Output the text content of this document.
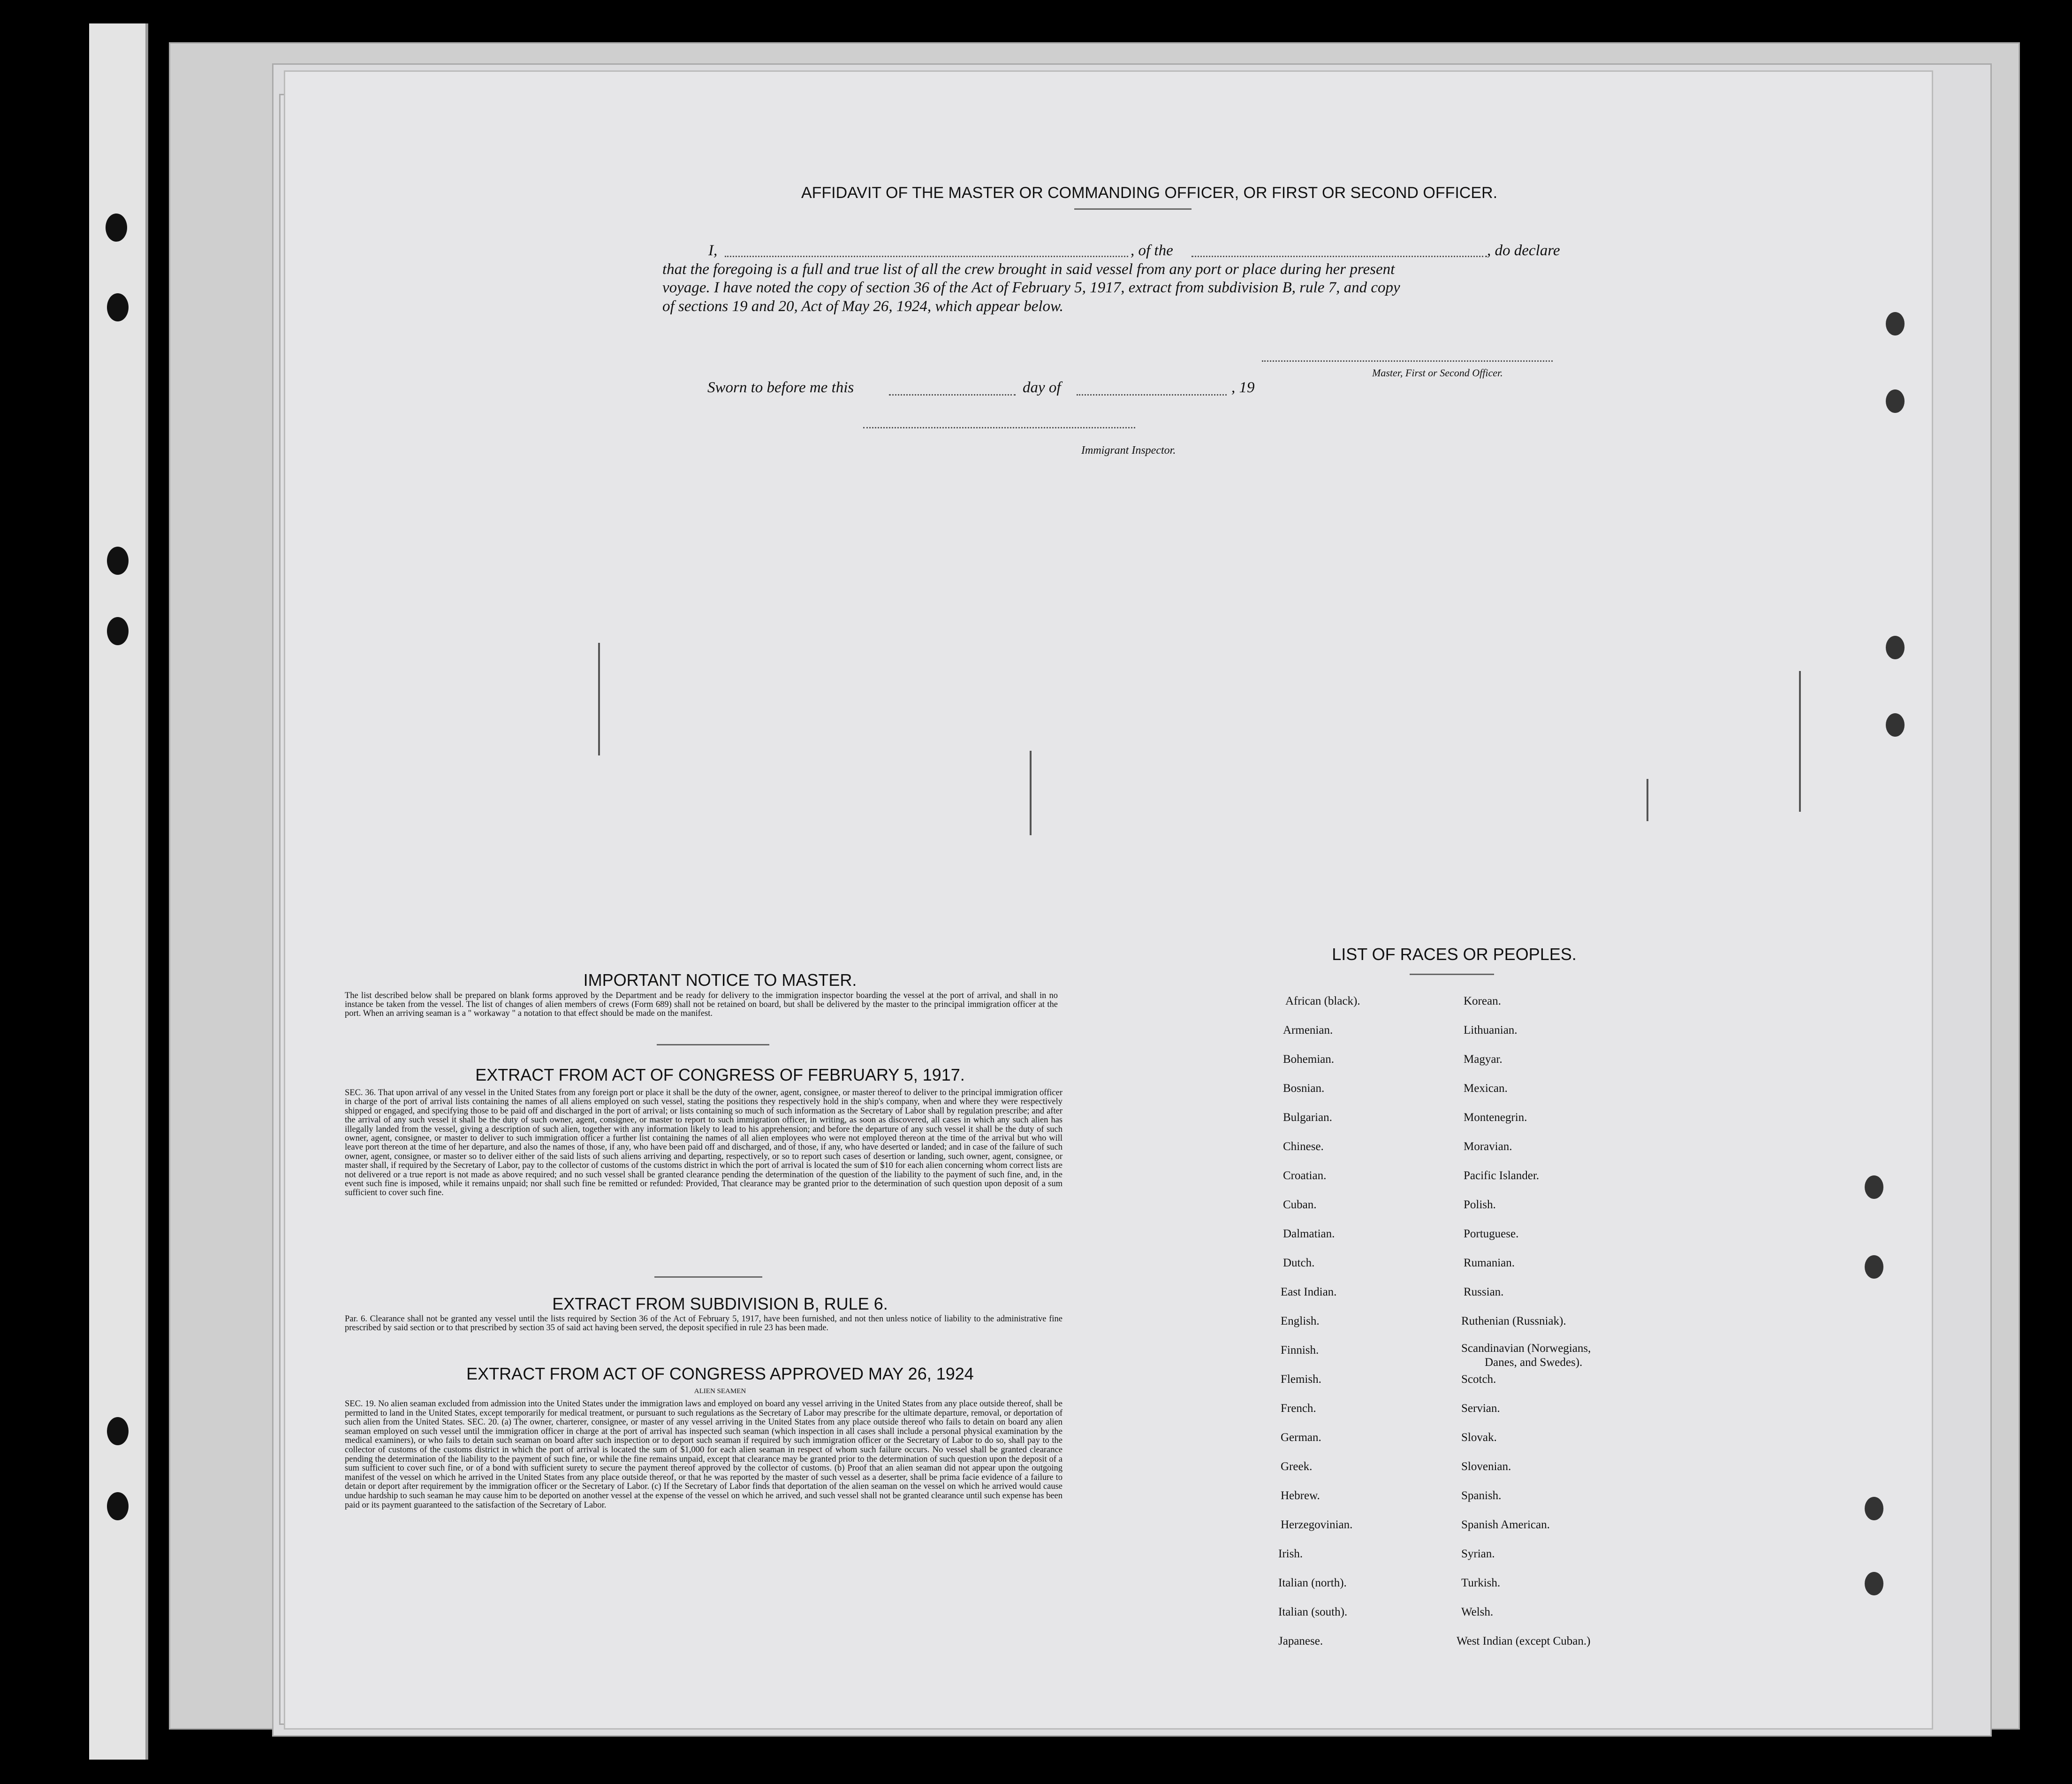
AFFIDAVIT OF THE MASTER OR COMMANDING OFFICER, OR FIRST OR SECOND OFFICER.
I,	, of the	, do declare
that the foregoing is a full and true list of all the crew brought in said vessel from any port or place during her present
voyage. I have noted the copy of section 36 of the Act of February 5, 1917, extract from subdivision B, rule 7, and copy
of sections 19 and 20, Act of May 26, 1924, which appear below.
Master, First or Second Officer.
Sworn to before me this	day of	, 19
Immigrant Inspector.
IMPORTANT NOTICE TO MASTER.
The list described below shall be prepared on blank forms approved by the Department and be ready for delivery to the immigration inspector boarding the vessel at the port of arrival, and shall in no instance be taken from the vessel. The list of changes of alien members of crews (Form 689) shall not be retained on board, but shall be delivered by the master to the principal immigration officer at the port. When an arriving seaman is a " workaway " a notation to that effect should be made on the manifest.
EXTRACT FROM ACT OF CONGRESS OF FEBRUARY 5, 1917.
SEC. 36. That upon arrival of any vessel in the United States from any foreign port or place it shall be the duty of the owner, agent, consignee, or master thereof to deliver to the principal immigration officer in charge of the port of arrival lists containing the names of all aliens employed on such vessel, stating the positions they respectively hold in the ship's company, when and where they were respectively shipped or engaged, and specifying those to be paid off and discharged in the port of arrival; or lists containing so much of such information as the Secretary of Labor shall by regulation prescribe; and after the arrival of any such vessel it shall be the duty of such owner, agent, consignee, or master to report to such immigration officer, in writing, as soon as discovered, all cases in which any such alien has illegally landed from the vessel, giving a description of such alien, together with any information likely to lead to his apprehension; and before the departure of any such vessel it shall be the duty of such owner, agent, consignee, or master to deliver to such immigration officer a further list containing the names of all alien employees who were not employed thereon at the time of the arrival but who will leave port thereon at the time of her departure, and also the names of those, if any, who have been paid off and discharged, and of those, if any, who have deserted or landed; and in case of the failure of such owner, agent, consignee, or master so to deliver either of the said lists of such aliens arriving and departing, respectively, or so to report such cases of desertion or landing, such owner, agent, consignee, or master shall, if required by the Secretary of Labor, pay to the collector of customs of the customs district in which the port of arrival is located the sum of $10 for each alien concerning whom correct lists are not delivered or a true report is not made as above required; and no such vessel shall be granted clearance pending the determination of the question of the liability to the payment of such fine, and, in the event such fine is imposed, while it remains unpaid; nor shall such fine be remitted or refunded: Provided, That clearance may be granted prior to the determination of such question upon deposit of a sum sufficient to cover such fine.
EXTRACT FROM SUBDIVISION B, RULE 6.
Par. 6. Clearance shall not be granted any vessel until the lists required by Section 36 of the Act of February 5, 1917, have been furnished, and not then unless notice of liability to the administrative fine prescribed by said section or to that prescribed by section 35 of said act having been served, the deposit specified in rule 23 has been made.
EXTRACT FROM ACT OF CONGRESS APPROVED MAY 26, 1924
ALIEN SEAMEN
SEC. 19. No alien seaman excluded from admission into the United States under the immigration laws and employed on board any vessel arriving in the United States from any place outside thereof, shall be permitted to land in the United States, except temporarily for medical treatment, or pursuant to such regulations as the Secretary of Labor may prescribe for the ultimate departure, removal, or deportation of such alien from the United States. SEC. 20. (a) The owner, charterer, consignee, or master of any vessel arriving in the United States from any place outside thereof who fails to detain on board any alien seaman employed on such vessel until the immigration officer in charge at the port of arrival has inspected such seaman (which inspection in all cases shall include a personal physical examination by the medical examiners), or who fails to detain such seaman on board after such inspection or to deport such seaman if required by such immigration officer or the Secretary of Labor to do so, shall pay to the collector of customs of the customs district in which the port of arrival is located the sum of $1,000 for each alien seaman in respect of whom such failure occurs. No vessel shall be granted clearance pending the determination of the liability to the payment of such fine, or while the fine remains unpaid, except that clearance may be granted prior to the determination of such question upon the deposit of a sum sufficient to cover such fine, or of a bond with sufficient surety to secure the payment thereof approved by the collector of customs. (b) Proof that an alien seaman did not appear upon the outgoing manifest of the vessel on which he arrived in the United States from any place outside thereof, or that he was reported by the master of such vessel as a deserter, shall be prima facie evidence of a failure to detain or deport after requirement by the immigration officer or the Secretary of Labor. (c) If the Secretary of Labor finds that deportation of the alien seaman on the vessel on which he arrived would cause undue hardship to such seaman he may cause him to be deported on another vessel at the expense of the vessel on which he arrived, and such vessel shall not be granted clearance until such expense has been paid or its payment guaranteed to the satisfaction of the Secretary of Labor.
LIST OF RACES OR PEOPLES.
African (black).
Armenian.
Bohemian.
Bosnian.
Bulgarian.
Chinese.
Croatian.
Cuban.
Dalmatian.
Dutch.
East Indian.
English.
Finnish.
Flemish.
French.
German.
Greek.
Hebrew.
Herzegovinian.
Irish.
Italian (north).
Italian (south).
Japanese.
Korean.
Lithuanian.
Magyar.
Mexican.
Montenegrin.
Moravian.
Pacific Islander.
Polish.
Portuguese.
Rumanian.
Russian.
Ruthenian (Russniak).
Scandinavian (Norwegians,
Danes, and Swedes).
Scotch.
Servian.
Slovak.
Slovenian.
Spanish.
Spanish American.
Syrian.
Turkish.
Welsh.
West Indian (except Cuban.)
